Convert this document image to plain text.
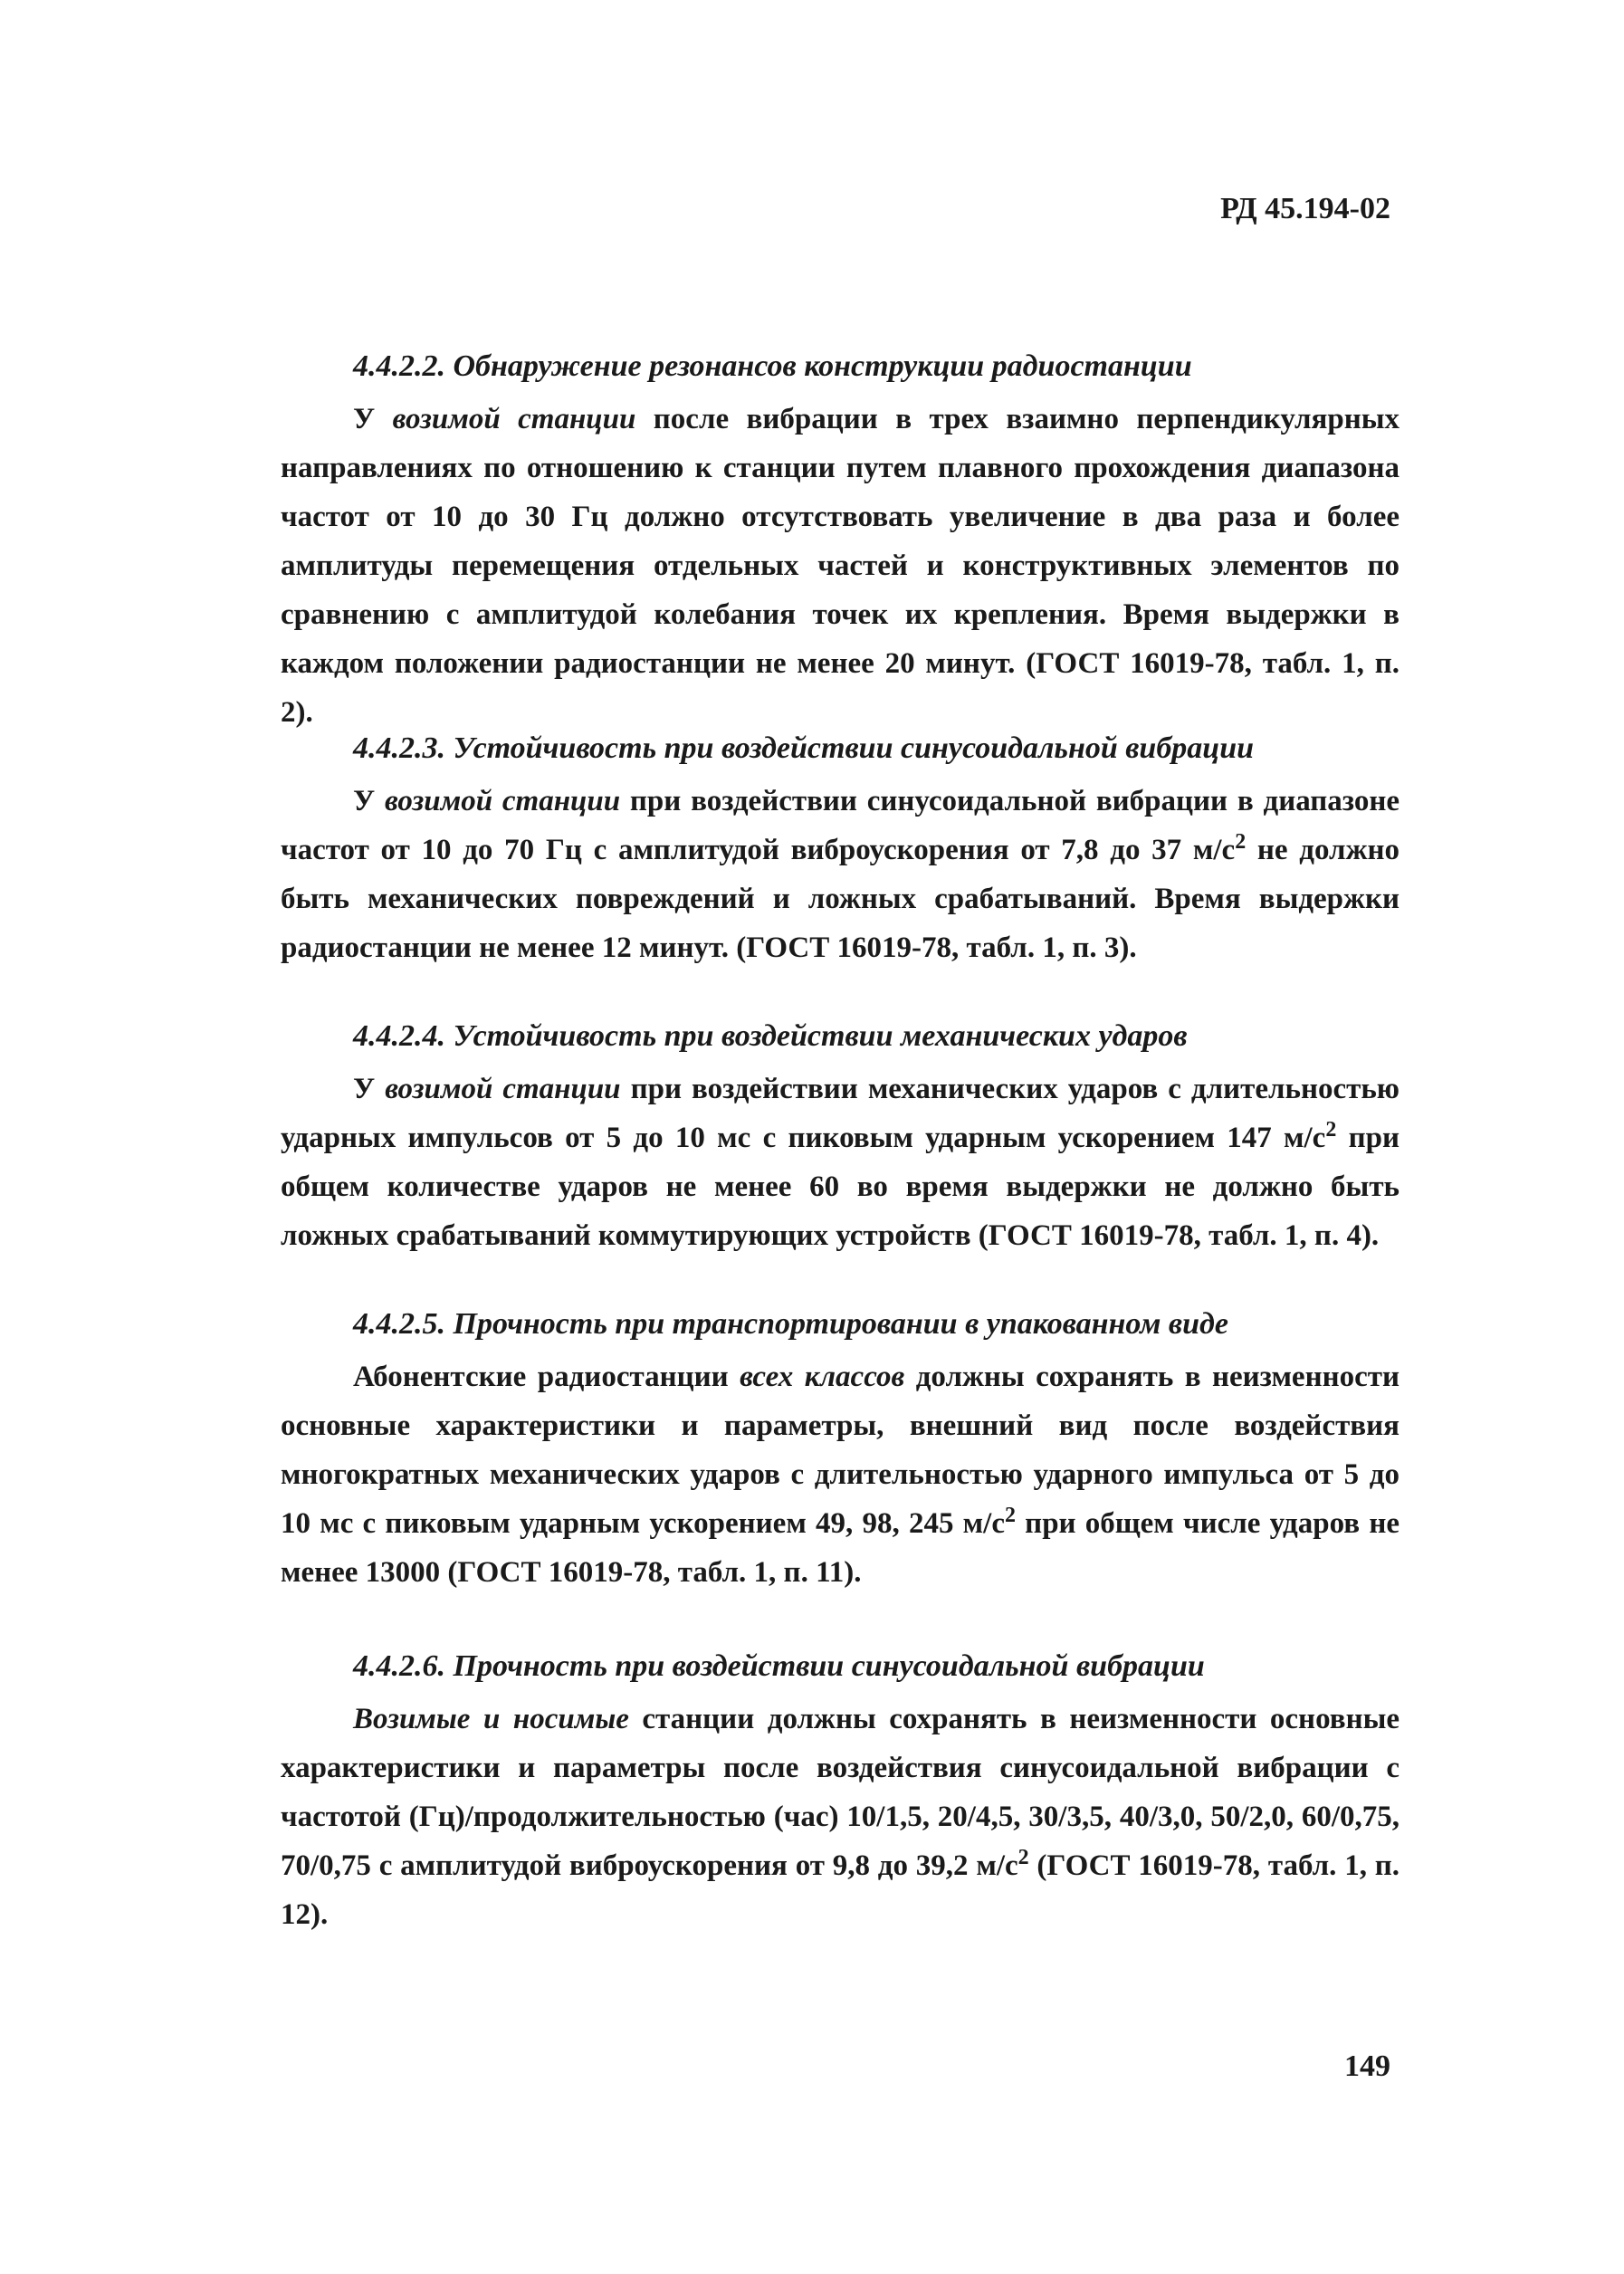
РД 45.194-02
4.4.2.2. Обнаружение резонансов конструкции радиостанции

У возимой станции после вибрации в трех взаимно перпендикулярных направлениях по отношению к станции путем плавного прохождения диапазона частот от 10 до 30 Гц должно отсутствовать увеличение в два раза и более амплитуды перемещения отдельных частей и конструктивных элементов по сравнению с амплитудой колебания точек их крепления. Время выдержки в каждом положении радиостанции не менее 20 минут. (ГОСТ 16019-78, табл. 1, п. 2).

4.4.2.3. Устойчивость при воздействии синусоидальной вибрации

У возимой станции при воздействии синусоидальной вибрации в диапазоне частот от 10 до 70 Гц с амплитудой виброускорения от 7,8 до 37 $м/с^2$ не должно быть механических повреждений и ложных срабатываний. Время выдержки радиостанции не менее 12 минут. (ГОСТ 16019-78, табл. 1, п. 3).

4.4.2.4. Устойчивость при воздействии механических ударов

У возимой станции при воздействии механических ударов с длительностью ударных импульсов от 5 до 10 мс с пиковым ударным ускорением 147 $м/с^2$ при общем количестве ударов не менее 60 во время выдержки не должно быть ложных срабатываний коммутирующих устройств (ГОСТ 16019-78, табл. 1, п. 4).

4.4.2.5. Прочность при транспортировании в упакованном виде

Абонентские радиостанции всех классов должны сохранять в неизменности основные характеристики и параметры, внешний вид после воздействия многократных механических ударов с длительностью ударного импульса от 5 до 10 мс с пиковым ударным ускорением 49, 98, 245 $м/с^2$ при общем числе ударов не менее 13000 (ГОСТ 16019-78, табл. 1, п. 11).

4.4.2.6. Прочность при воздействии синусоидальной вибрации

Возимые и носимые станции должны сохранять в неизменности основные характеристики и параметры после воздействия синусоидальной вибрации с частотой (Гц)/продолжительностью (час) 10/1,5, 20/4,5, 30/3,5, 40/3,0, 50/2,0, 60/0,75, 70/0,75 с амплитудой виброускорения от 9,8 до 39,2 $м/с^2$ (ГОСТ 16019-78, табл. 1, п. 12).

149
